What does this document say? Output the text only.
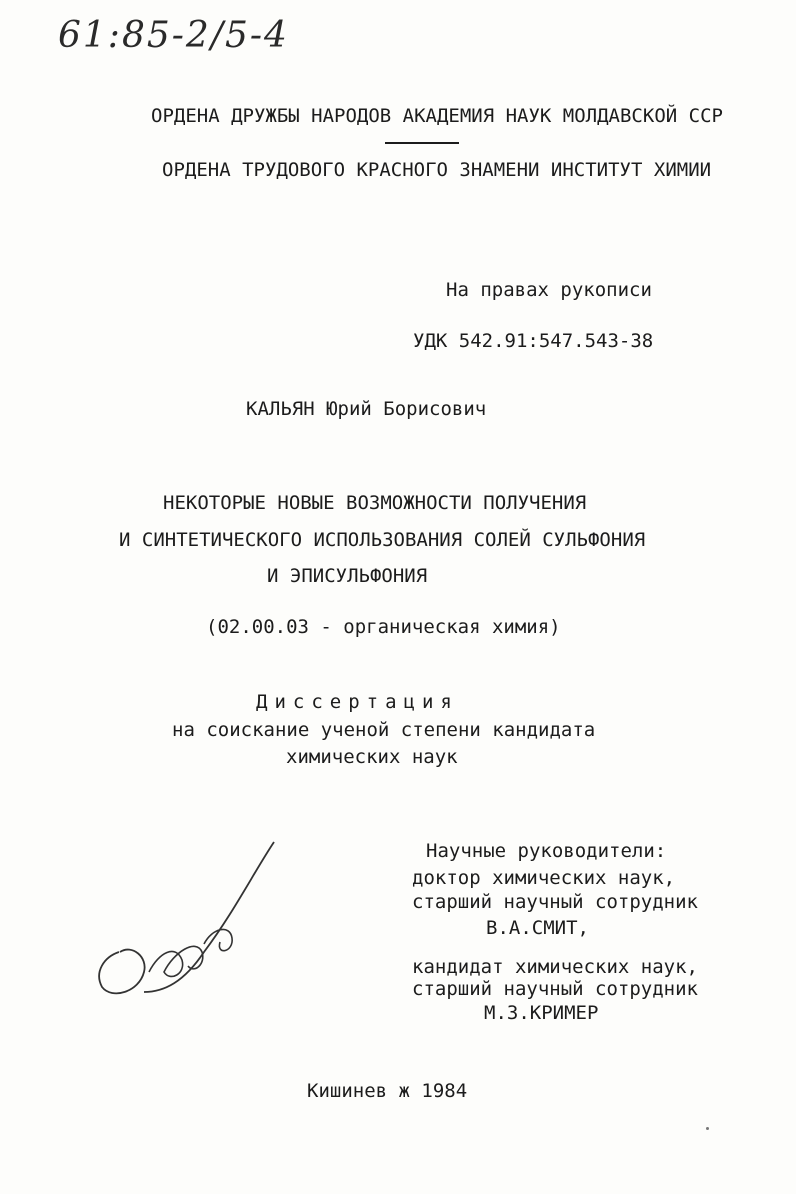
61:85-2/5-4
ОРДЕНА ДРУЖБЫ НАРОДОВ АКАДЕМИЯ НАУК МОЛДАВСКОЙ ССР
ОРДЕНА ТРУДОВОГО КРАСНОГО ЗНАМЕНИ ИНСТИТУТ ХИМИИ
На правах рукописи
УДК 542.91:547.543-38
КАЛЬЯН Юрий Борисович
НЕКОТОРЫЕ НОВЫЕ ВОЗМОЖНОСТИ ПОЛУЧЕНИЯ
И СИНТЕТИЧЕСКОГО ИСПОЛЬЗОВАНИЯ СОЛЕЙ СУЛЬФОНИЯ
И ЭПИСУЛЬФОНИЯ
(02.00.03 - органическая химия)
Диссертация
на соискание ученой степени кандидата
химических наук
Научные руководители:
доктор химических наук,
старший научный сотрудник
В.А.СМИТ,
кандидат химических наук,
старший научный сотрудник
М.З.КРИМЕР
Кишинев ж 1984
